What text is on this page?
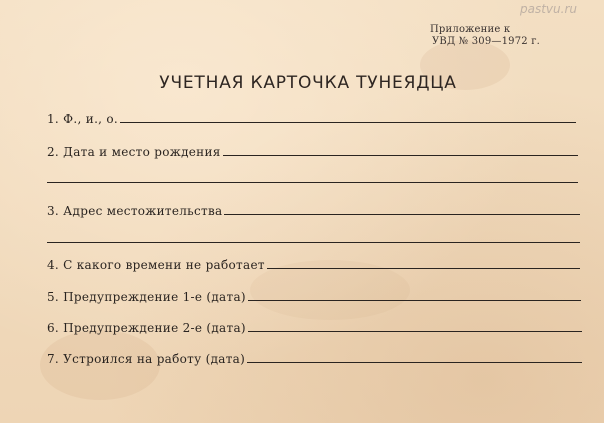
pastvu.ru
Приложение к
УВД № 309—1972 г.
УЧЕТНАЯ КАРТОЧКА ТУНЕЯДЦА
1. Ф., и., о.
2. Дата и место рождения
3. Адрес местожительства
4. С какого времени не работает
5. Предупреждение 1-е (дата)
6. Предупреждение 2-е (дата)
7. Устроился на работу (дата)
